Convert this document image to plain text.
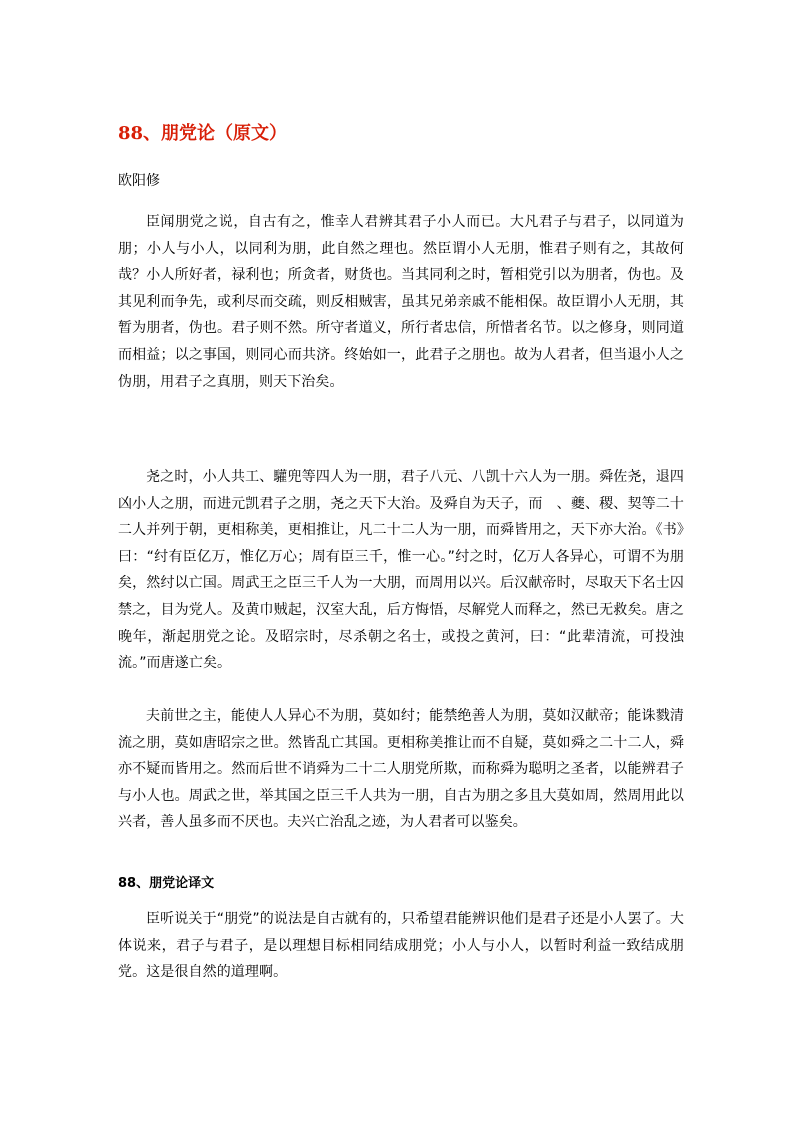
88、朋党论（原文）
欧阳修
臣闻朋党之说，自古有之，惟幸人君辨其君子小人而已。大凡君子与君子，以同道为朋；小人与小人，以同利为朋，此自然之理也。然臣谓小人无朋，惟君子则有之，其故何哉？小人所好者，禄利也；所贪者，财货也。当其同利之时，暂相党引以为朋者，伪也。及其见利而争先，或利尽而交疏，则反相贼害，虽其兄弟亲戚不能相保。故臣谓小人无朋，其暂为朋者，伪也。君子则不然。所守者道义，所行者忠信，所惜者名节。以之修身，则同道而相益；以之事国，则同心而共济。终始如一，此君子之朋也。故为人君者，但当退小人之伪朋，用君子之真朋，则天下治矣。
尧之时，小人共工、驩兜等四人为一朋，君子八元、八凯十六人为一朋。舜佐尧，退四凶小人之朋，而进元凯君子之朋，尧之天下大治。及舜自为天子，而　、夔、稷、契等二十二人并列于朝，更相称美，更相推让，凡二十二人为一朋，而舜皆用之，天下亦大治。《书》曰：“纣有臣亿万，惟亿万心；周有臣三千，惟一心。”纣之时，亿万人各异心，可谓不为朋矣，然纣以亡国。周武王之臣三千人为一大朋，而周用以兴。后汉献帝时，尽取天下名士囚禁之，目为党人。及黄巾贼起，汉室大乱，后方悔悟，尽解党人而释之，然已无救矣。唐之晚年，渐起朋党之论。及昭宗时，尽杀朝之名士，或投之黄河，曰：“此辈清流，可投浊流。”而唐遂亡矣。
夫前世之主，能使人人异心不为朋，莫如纣；能禁绝善人为朋，莫如汉献帝；能诛戮清流之朋，莫如唐昭宗之世。然皆乱亡其国。更相称美推让而不自疑，莫如舜之二十二人，舜亦不疑而皆用之。然而后世不诮舜为二十二人朋党所欺，而称舜为聪明之圣者，以能辨君子与小人也。周武之世，举其国之臣三千人共为一朋，自古为朋之多且大莫如周，然周用此以兴者，善人虽多而不厌也。夫兴亡治乱之迹，为人君者可以鉴矣。
88、朋党论译文
臣听说关于“朋党”的说法是自古就有的，只希望君能辨识他们是君子还是小人罢了。大体说来，君子与君子，是以理想目标相同结成朋党；小人与小人，以暂时利益一致结成朋党。这是很自然的道理啊。
